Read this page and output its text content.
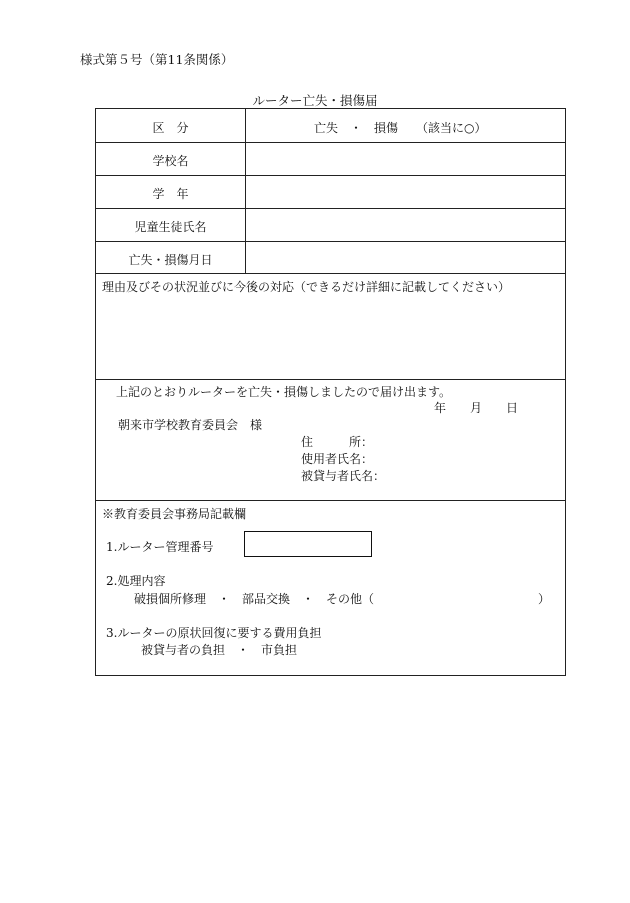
様式第５号（第11条関係）
ルーター亡失・損傷届
区　分	亡失　・　損傷　　（該当に○）
学校名
学　年
児童生徒氏名
亡失・損傷月日
理由及びその状況並びに今後の対応（できるだけ詳細に記載してください）
上記のとおりルーターを亡失・損傷しましたので届け出ます。
年　　月　　日
朝来市学校教育委員会　様
住　　　所：
使用者氏名：
被貸与者氏名：
※教育委員会事務局記載欄
1.ルーター管理番号
2.処理内容
破損個所修理　・　部品交換　・　その他（	）
3.ルーターの原状回復に要する費用負担
被貸与者の負担　・　市負担
